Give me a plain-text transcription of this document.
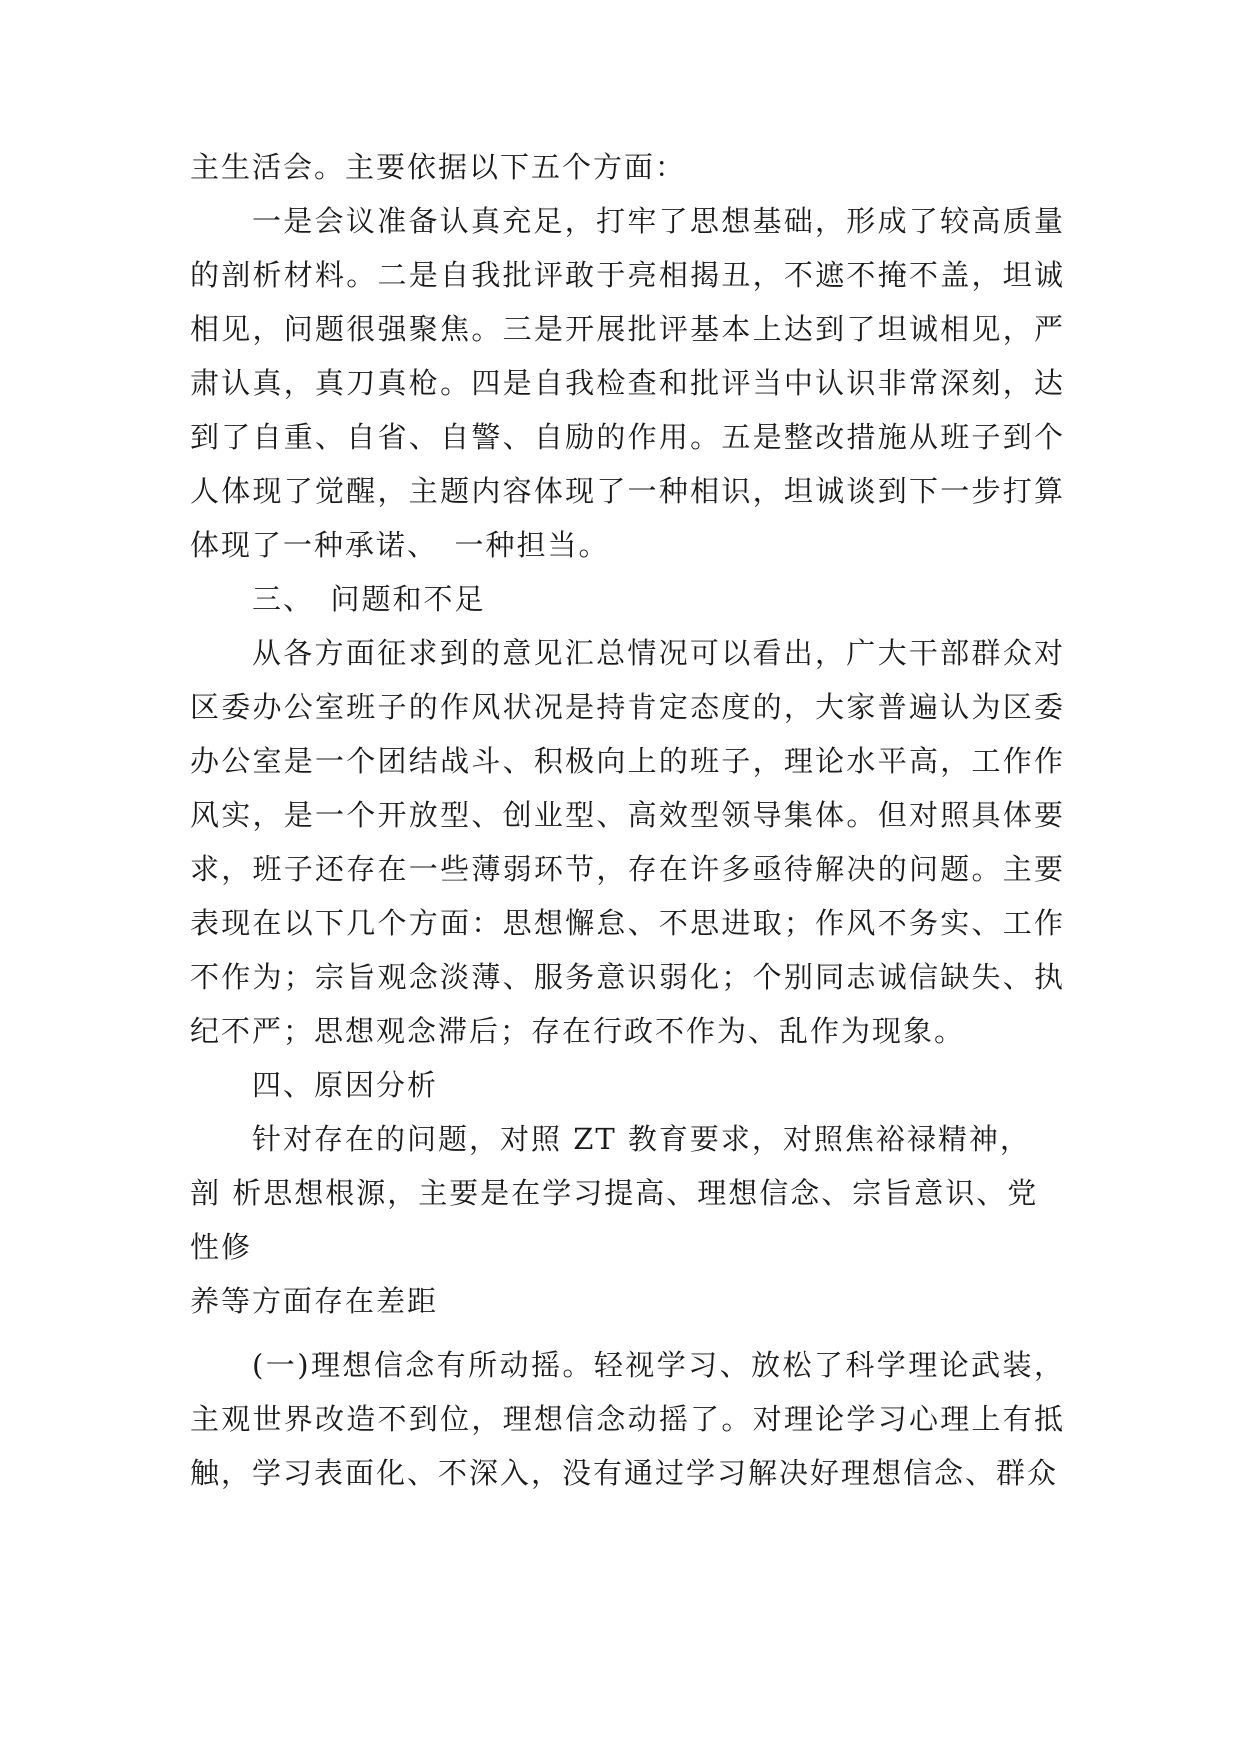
主生活会。主要依据以下五个方面：

一是会议准备认真充足，打牢了思想基础，形成了较高质量的剖析材料。二是自我批评敢于亮相揭丑，不遮不掩不盖，坦诚相见，问题很强聚焦。三是开展批评基本上达到了坦诚相见，严肃认真，真刀真枪。四是自我检查和批评当中认识非常深刻，达到了自重、自省、自警、自励的作用。五是整改措施从班子到个人体现了觉醒，主题内容体现了一种相识，坦诚谈到下一步打算体现了一种承诺、　一种担当。

三、　问题和不足

从各方面征求到的意见汇总情况可以看出，广大干部群众对区委办公室班子的作风状况是持肯定态度的，大家普遍认为区委办公室是一个团结战斗、积极向上的班子，理论水平高，工作作风实，是一个开放型、创业型、高效型领导集体。但对照具体要求，班子还存在一些薄弱环节，存在许多亟待解决的问题。主要表现在以下几个方面：思想懈怠、不思进取；作风不务实、工作不作为；宗旨观念淡薄、服务意识弱化；个别同志诚信缺失、执纪不严；思想观念滞后；存在行政不作为、乱作为现象。

四、原因分析

针对存在的问题，对照 ZT 教育要求，对照焦裕禄精神，

剖 析思想根源，主要是在学习提高、理想信念、宗旨意识、党

性修

养等方面存在差距

(一)理想信念有所动摇。轻视学习、放松了科学理论武装，主观世界改造不到位，理想信念动摇了。对理论学习心理上有抵触，学习表面化、不深入，没有通过学习解决好理想信念、群众
